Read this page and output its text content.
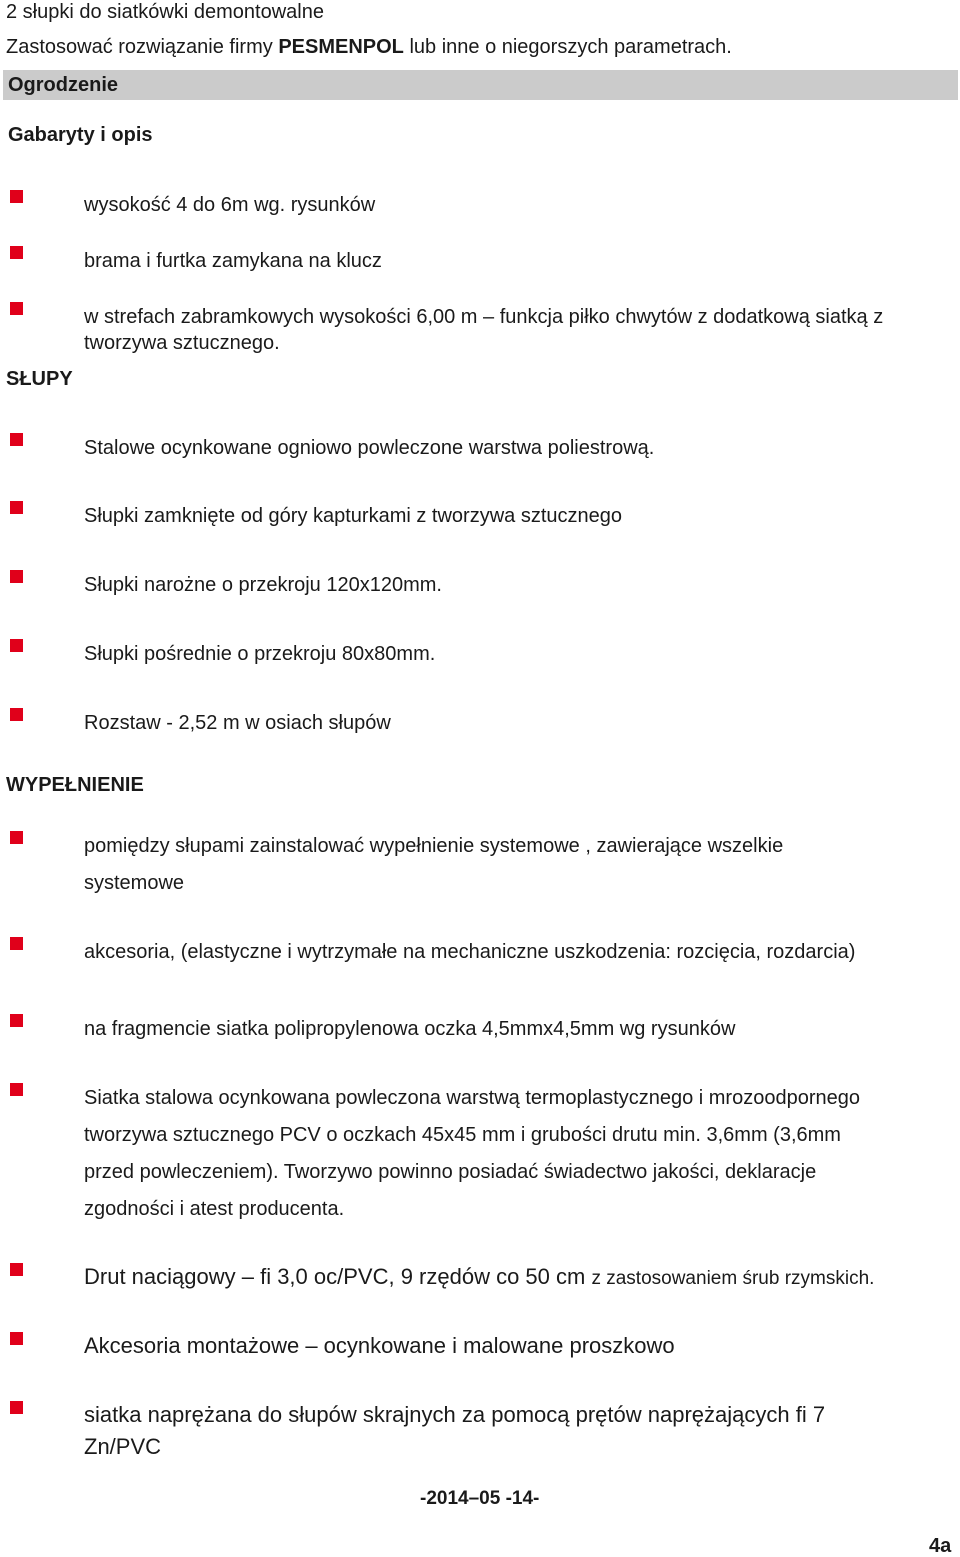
2 słupki do siatkówki demontowalne
Zastosować rozwiązanie firmy PESMENPOL lub inne o niegorszych parametrach.
Ogrodzenie
Gabaryty i opis
wysokość 4 do 6m wg. rysunków
brama i furtka zamykana na klucz
w strefach zabramkowych wysokości 6,00 m – funkcja piłko chwytów z dodatkową siatką z
tworzywa sztucznego.
SŁUPY
Stalowe ocynkowane ogniowo powleczone warstwa poliestrową.
Słupki zamknięte od góry kapturkami z tworzywa sztucznego
Słupki narożne o przekroju 120x120mm.
Słupki pośrednie o przekroju 80x80mm.
Rozstaw - 2,52 m w osiach słupów
WYPEŁNIENIE
pomiędzy słupami zainstalować wypełnienie systemowe , zawierające wszelkie
systemowe
akcesoria, (elastyczne i wytrzymałe na mechaniczne uszkodzenia: rozcięcia, rozdarcia)
na fragmencie siatka polipropylenowa oczka 4,5mmx4,5mm wg rysunków
Siatka stalowa ocynkowana powleczona warstwą termoplastycznego i mrozoodpornego
tworzywa sztucznego PCV o oczkach 45x45 mm i grubości drutu min. 3,6mm (3,6mm
przed powleczeniem). Tworzywo powinno posiadać świadectwo jakości, deklaracje
zgodności i atest producenta.
Drut naciągowy – fi 3,0 oc/PVC, 9 rzędów co 50 cm z zastosowaniem śrub rzymskich.
Akcesoria montażowe – ocynkowane i malowane proszkowo
siatka naprężana do słupów skrajnych za pomocą prętów naprężających fi 7
Zn/PVC
-2014–05 -14-
4a
